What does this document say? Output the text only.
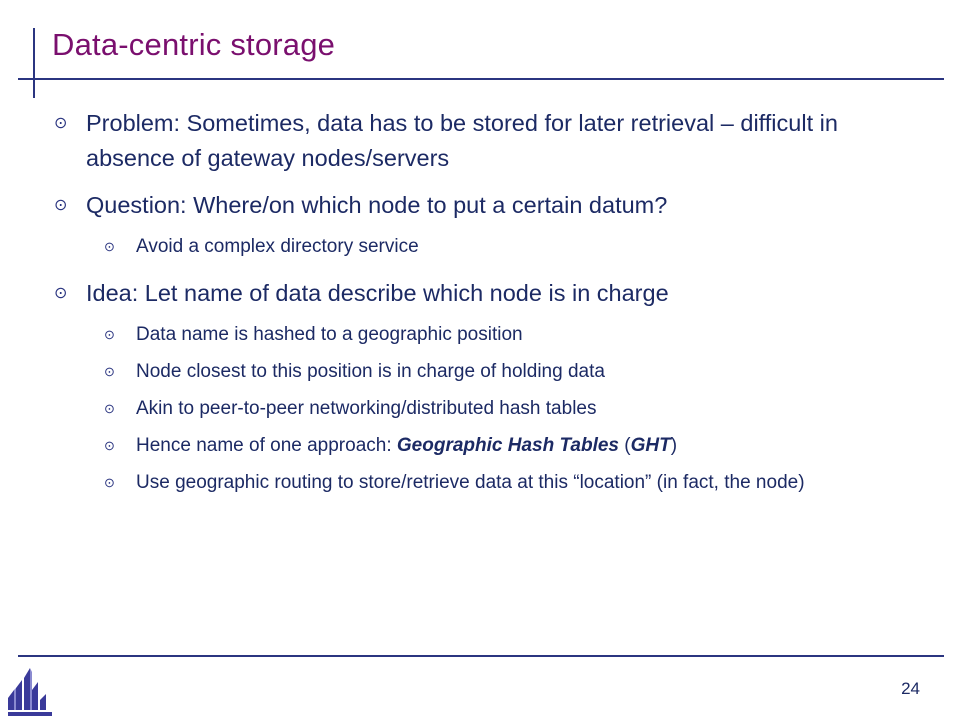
Data-centric storage
⊙ Problem: Sometimes, data has to be stored for later retrieval – difficult in absence of gateway nodes/servers
⊙ Question: Where/on which node to put a certain datum?
⊙ Avoid a complex directory service
⊙ Idea: Let name of data describe which node is in charge
⊙ Data name is hashed to a geographic position
⊙ Node closest to this position is in charge of holding data
⊙ Akin to peer-to-peer networking/distributed hash tables
⊙ Hence name of one approach: Geographic Hash Tables (GHT)
⊙ Use geographic routing to store/retrieve data at this “location” (in fact, the node)
24
